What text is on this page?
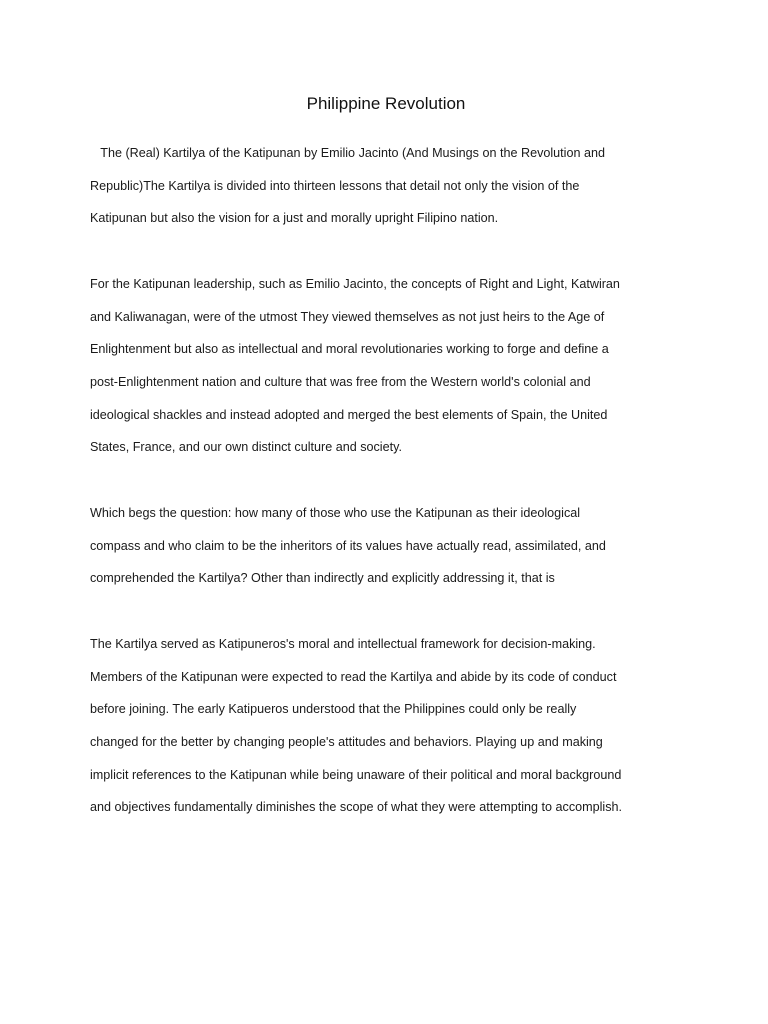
Philippine Revolution

The (Real) Kartilya of the Katipunan by Emilio Jacinto (And Musings on the Revolution and
Republic)The Kartilya is divided into thirteen lessons that detail not only the vision of the
Katipunan but also the vision for a just and morally upright Filipino nation.

For the Katipunan leadership, such as Emilio Jacinto, the concepts of Right and Light, Katwiran
and Kaliwanagan, were of the utmost They viewed themselves as not just heirs to the Age of
Enlightenment but also as intellectual and moral revolutionaries working to forge and define a
post-Enlightenment nation and culture that was free from the Western world's colonial and
ideological shackles and instead adopted and merged the best elements of Spain, the United
States, France, and our own distinct culture and society.

Which begs the question: how many of those who use the Katipunan as their ideological
compass and who claim to be the inheritors of its values have actually read, assimilated, and
comprehended the Kartilya? Other than indirectly and explicitly addressing it, that is

The Kartilya served as Katipuneros's moral and intellectual framework for decision-making.
Members of the Katipunan were expected to read the Kartilya and abide by its code of conduct
before joining. The early Katipueros understood that the Philippines could only be really
changed for the better by changing people's attitudes and behaviors. Playing up and making
implicit references to the Katipunan while being unaware of their political and moral background
and objectives fundamentally diminishes the scope of what they were attempting to accomplish.
